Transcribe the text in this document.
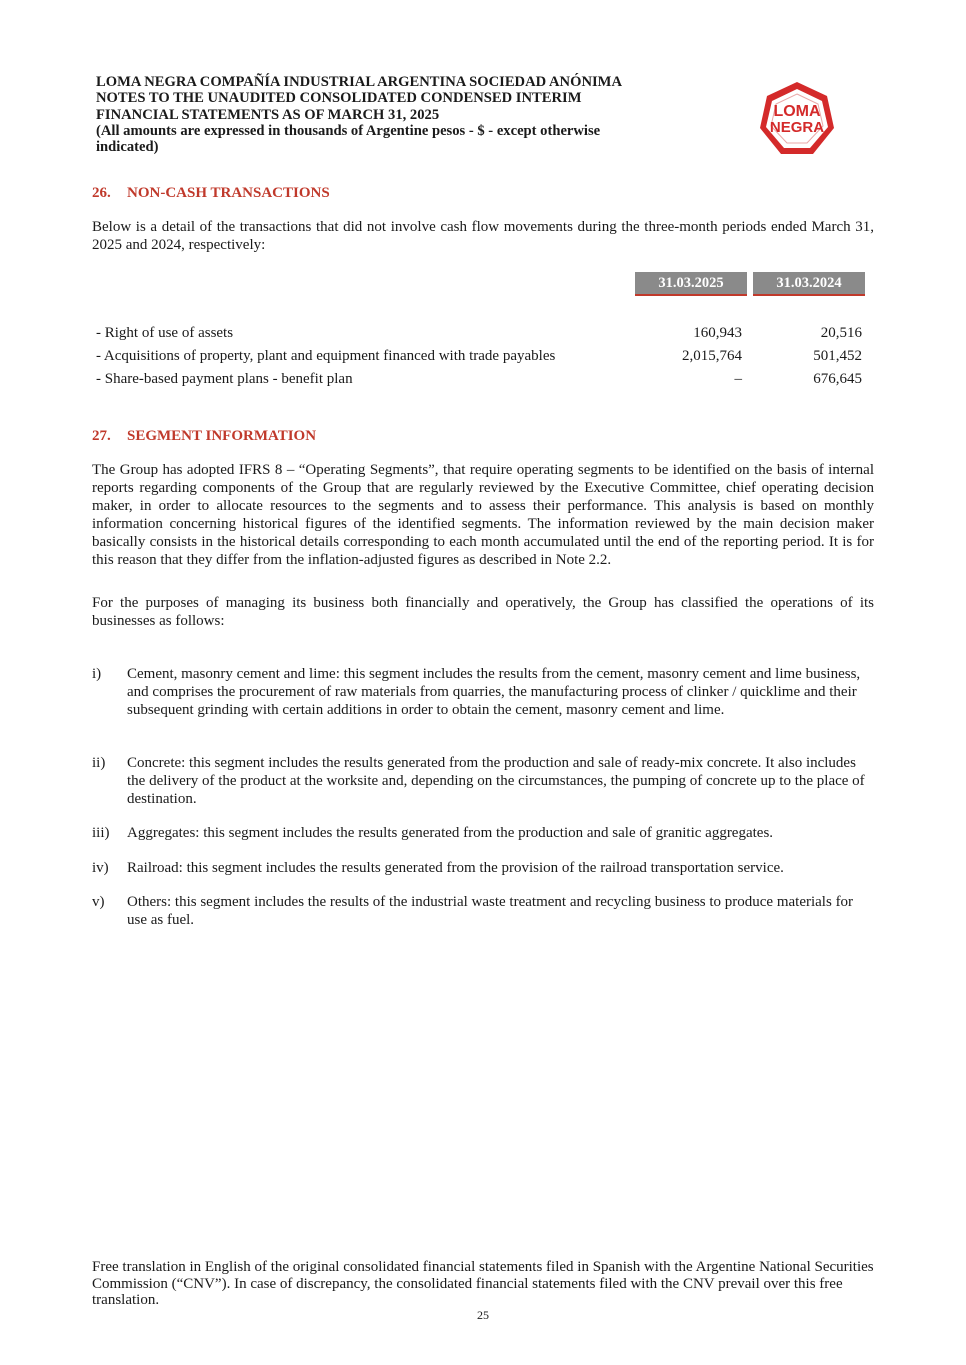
LOMA NEGRA COMPAÑÍA INDUSTRIAL ARGENTINA SOCIEDAD ANÓNIMA
NOTES TO THE UNAUDITED CONSOLIDATED CONDENSED INTERIM
FINANCIAL STATEMENTS AS OF MARCH 31, 2025
(All amounts are expressed in thousands of Argentine pesos - $ - except otherwise
indicated)
LOMA
NEGRA
26. NON-CASH TRANSACTIONS
Below is a detail of the transactions that did not involve cash flow movements during the three-month periods ended March 31, 2025 and 2024, respectively:
31.03.2025	31.03.2024
- Right of use of assets	160,943	20,516
- Acquisitions of property, plant and equipment financed with trade payables	2,015,764	501,452
- Share-based payment plans - benefit plan	–	676,645
27. SEGMENT INFORMATION
The Group has adopted IFRS 8 – “Operating Segments”, that require operating segments to be identified on the basis of internal reports regarding components of the Group that are regularly reviewed by the Executive Committee, chief operating decision maker, in order to allocate resources to the segments and to assess their performance. This analysis is based on monthly information concerning historical figures of the identified segments. The information reviewed by the main decision maker basically consists in the historical details corresponding to each month accumulated until the end of the reporting period. It is for this reason that they differ from the inflation-adjusted figures as described in Note 2.2.
For the purposes of managing its business both financially and operatively, the Group has classified the operations of its businesses as follows:
i) Cement, masonry cement and lime: this segment includes the results from the cement, masonry cement and lime business, and comprises the procurement of raw materials from quarries, the manufacturing process of clinker / quicklime and their subsequent grinding with certain additions in order to obtain the cement, masonry cement and lime.
ii) Concrete: this segment includes the results generated from the production and sale of ready-mix concrete. It also includes the delivery of the product at the worksite and, depending on the circumstances, the pumping of concrete up to the place of destination.
iii) Aggregates: this segment includes the results generated from the production and sale of granitic aggregates.
iv) Railroad: this segment includes the results generated from the provision of the railroad transportation service.
v) Others: this segment includes the results of the industrial waste treatment and recycling business to produce materials for use as fuel.
Free translation in English of the original consolidated financial statements filed in Spanish with the Argentine National Securities Commission (“CNV”). In case of discrepancy, the consolidated financial statements filed with the CNV prevail over this free translation.
25
